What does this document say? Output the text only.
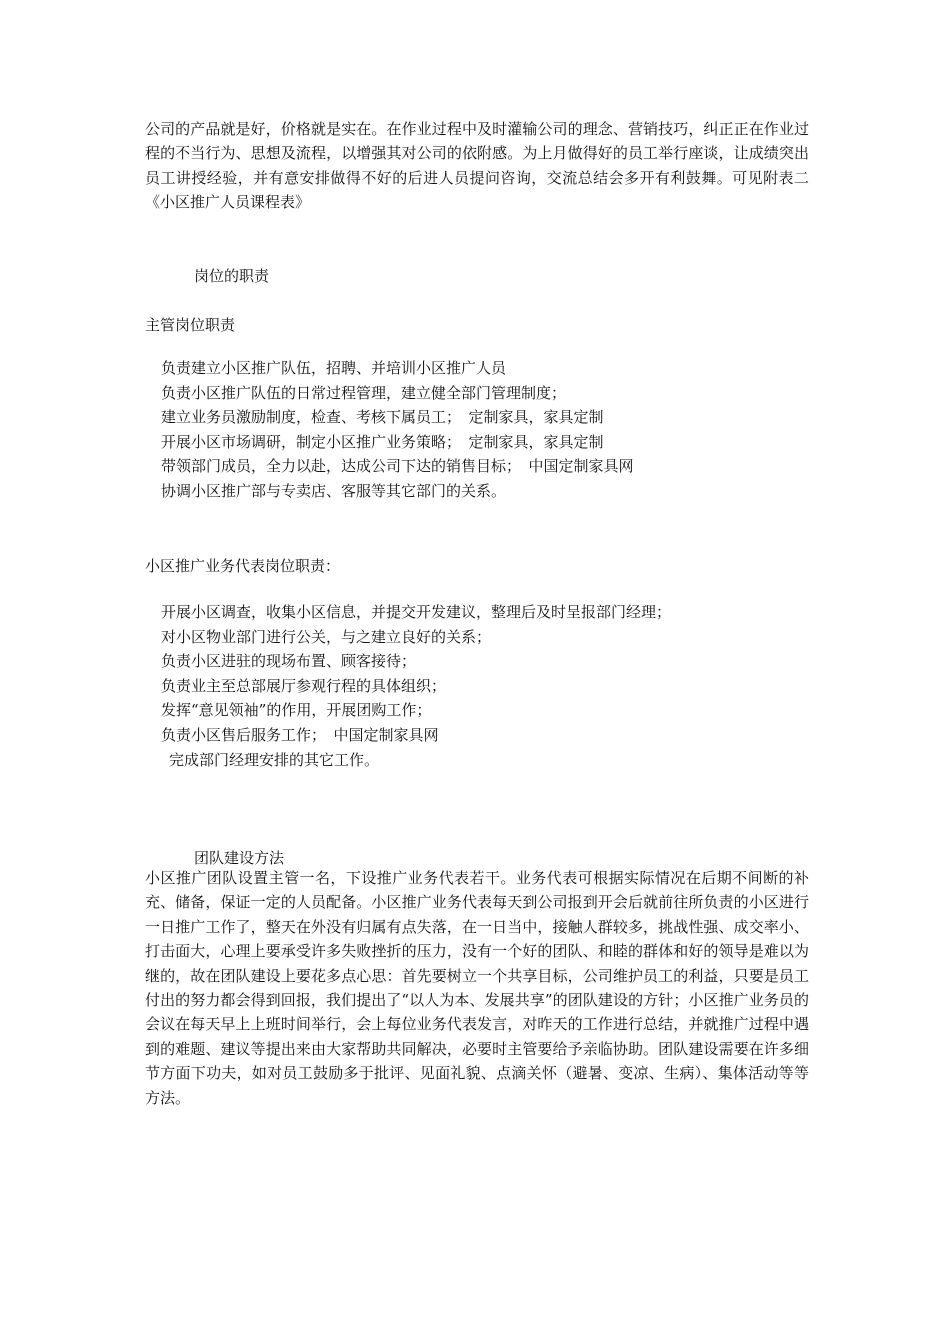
公司的产品就是好，价格就是实在。在作业过程中及时灌输公司的理念、营销技巧，纠正正在作业过程的不当行为、思想及流程，以增强其对公司的依附感。为上月做得好的员工举行座谈，让成绩突出员工讲授经验，并有意安排做得不好的后进人员提问咨询，交流总结会多开有利鼓舞。可见附表二《小区推广人员课程表》

岗位的职责
主管岗位职责
负责建立小区推广队伍，招聘、并培训小区推广人员
负责小区推广队伍的日常过程管理，建立健全部门管理制度；
建立业务员激励制度，检查、考核下属员工；　定制家具，家具定制
开展小区市场调研，制定小区推广业务策略；　定制家具，家具定制
带领部门成员，全力以赴，达成公司下达的销售目标；　中国定制家具网
协调小区推广部与专卖店、客服等其它部门的关系。
小区推广业务代表岗位职责：
开展小区调查，收集小区信息，并提交开发建议，整理后及时呈报部门经理；
对小区物业部门进行公关，与之建立良好的关系；
负责小区进驻的现场布置、顾客接待；
负责业主至总部展厅参观行程的具体组织；
发挥“意见领袖”的作用，开展团购工作；
负责小区售后服务工作；　中国定制家具网
完成部门经理安排的其它工作。
团队建设方法

小区推广团队设置主管一名，下设推广业务代表若干。业务代表可根据实际情况在后期不间断的补充、储备，保证一定的人员配备。小区推广业务代表每天到公司报到开会后就前往所负责的小区进行一日推广工作了，整天在外没有归属有点失落，在一日当中，接触人群较多，挑战性强、成交率小、打击面大，心理上要承受许多失败挫折的压力，没有一个好的团队、和睦的群体和好的领导是难以为继的，故在团队建设上要花多点心思：首先要树立一个共享目标，公司维护员工的利益，只要是员工付出的努力都会得到回报，我们提出了“以人为本、发展共享”的团队建设的方针；小区推广业务员的会议在每天早上上班时间举行，会上每位业务代表发言，对昨天的工作进行总结，并就推广过程中遇到的难题、建议等提出来由大家帮助共同解决，必要时主管要给予亲临协助。团队建设需要在许多细节方面下功夫，如对员工鼓励多于批评、见面礼貌、点滴关怀（避暑、变凉、生病）、集体活动等等方法。
